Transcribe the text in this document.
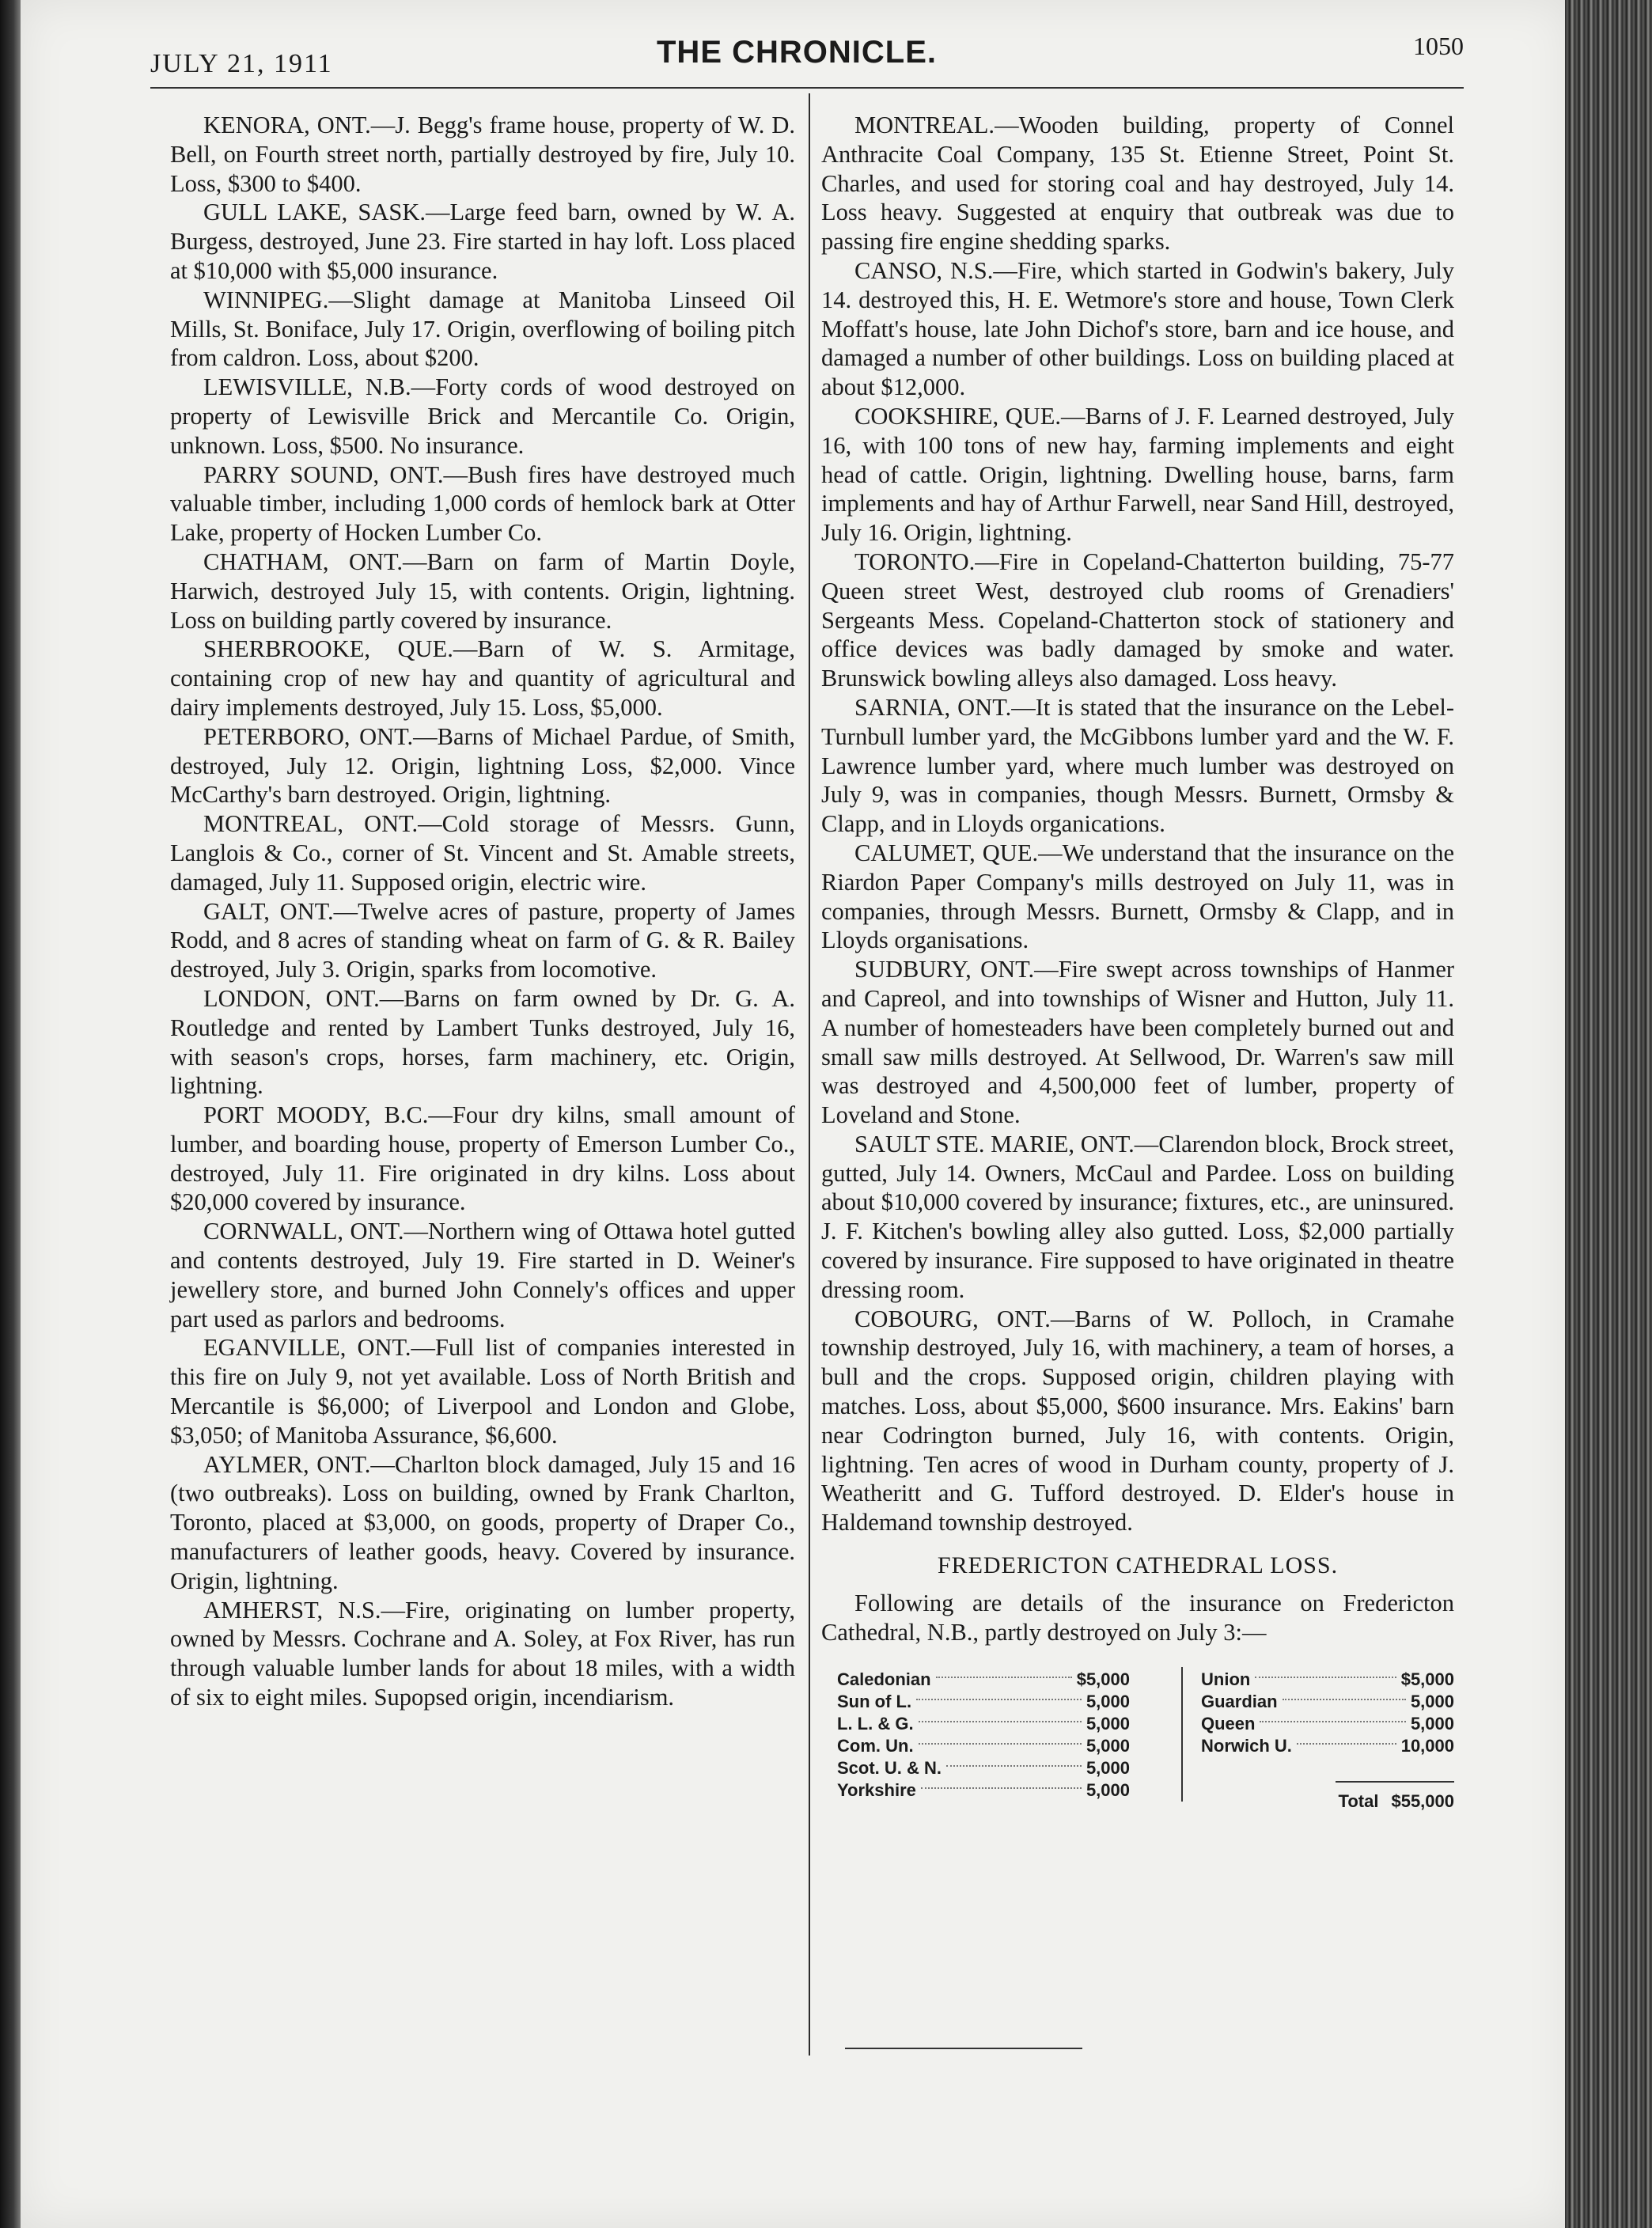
JULY 21, 1911	THE CHRONICLE.	1050

KENORA, ONT.—J. Begg's frame house, property of W. D. Bell, on Fourth street north, partially destroyed by fire, July 10. Loss, $300 to $400.

GULL LAKE, SASK.—Large feed barn, owned by W. A. Burgess, destroyed, June 23. Fire started in hay loft. Loss placed at $10,000 with $5,000 insurance.

WINNIPEG.—Slight damage at Manitoba Linseed Oil Mills, St. Boniface, July 17. Origin, overflowing of boiling pitch from caldron. Loss, about $200.

LEWISVILLE, N.B.—Forty cords of wood destroyed on property of Lewisville Brick and Mercantile Co. Origin, unknown. Loss, $500. No insurance.

PARRY SOUND, ONT.—Bush fires have destroyed much valuable timber, including 1,000 cords of hemlock bark at Otter Lake, property of Hocken Lumber Co.

CHATHAM, ONT.—Barn on farm of Martin Doyle, Harwich, destroyed July 15, with contents. Origin, lightning. Loss on building partly covered by insurance.

SHERBROOKE, QUE.—Barn of W. S. Armitage, containing crop of new hay and quantity of agricultural and dairy implements destroyed, July 15. Loss, $5,000.

PETERBORO, ONT.—Barns of Michael Pardue, of Smith, destroyed, July 12. Origin, lightning Loss, $2,000. Vince McCarthy's barn destroyed. Origin, lightning.

MONTREAL, ONT.—Cold storage of Messrs. Gunn, Langlois & Co., corner of St. Vincent and St. Amable streets, damaged, July 11. Supposed origin, electric wire.

GALT, ONT.—Twelve acres of pasture, property of James Rodd, and 8 acres of standing wheat on farm of G. & R. Bailey destroyed, July 3. Origin, sparks from locomotive.

LONDON, ONT.—Barns on farm owned by Dr. G. A. Routledge and rented by Lambert Tunks destroyed, July 16, with season's crops, horses, farm machinery, etc. Origin, lightning.

PORT MOODY, B.C.—Four dry kilns, small amount of lumber, and boarding house, property of Emerson Lumber Co., destroyed, July 11. Fire originated in dry kilns. Loss about $20,000 covered by insurance.

CORNWALL, ONT.—Northern wing of Ottawa hotel gutted and contents destroyed, July 19. Fire started in D. Weiner's jewellery store, and burned John Connely's offices and upper part used as parlors and bedrooms.

EGANVILLE, ONT.—Full list of companies interested in this fire on July 9, not yet available. Loss of North British and Mercantile is $6,000; of Liverpool and London and Globe, $3,050; of Manitoba Assurance, $6,600.

AYLMER, ONT.—Charlton block damaged, July 15 and 16 (two outbreaks). Loss on building, owned by Frank Charlton, Toronto, placed at $3,000, on goods, property of Draper Co., manufacturers of leather goods, heavy. Covered by insurance. Origin, lightning.

AMHERST, N.S.—Fire, originating on lumber property, owned by Messrs. Cochrane and A. Soley, at Fox River, has run through valuable lumber lands for about 18 miles, with a width of six to eight miles. Supopsed origin, incendiarism.

MONTREAL.—Wooden building, property of Connel Anthracite Coal Company, 135 St. Etienne Street, Point St. Charles, and used for storing coal and hay destroyed, July 14. Loss heavy. Suggested at enquiry that outbreak was due to passing fire engine shedding sparks.

CANSO, N.S.—Fire, which started in Godwin's bakery, July 14. destroyed this, H. E. Wetmore's store and house, Town Clerk Moffatt's house, late John Dichof's store, barn and ice house, and damaged a number of other buildings. Loss on building placed at about $12,000.

COOKSHIRE, QUE.—Barns of J. F. Learned destroyed, July 16, with 100 tons of new hay, farming implements and eight head of cattle. Origin, lightning. Dwelling house, barns, farm implements and hay of Arthur Farwell, near Sand Hill, destroyed, July 16. Origin, lightning.

TORONTO.—Fire in Copeland-Chatterton building, 75-77 Queen street West, destroyed club rooms of Grenadiers' Sergeants Mess. Copeland-Chatterton stock of stationery and office devices was badly damaged by smoke and water. Brunswick bowling alleys also damaged. Loss heavy.

SARNIA, ONT.—It is stated that the insurance on the Lebel-Turnbull lumber yard, the McGibbons lumber yard and the W. F. Lawrence lumber yard, where much lumber was destroyed on July 9, was in companies, though Messrs. Burnett, Ormsby & Clapp, and in Lloyds organications.

CALUMET, QUE.—We understand that the insurance on the Riardon Paper Company's mills destroyed on July 11, was in companies, through Messrs. Burnett, Ormsby & Clapp, and in Lloyds organisations.

SUDBURY, ONT.—Fire swept across townships of Hanmer and Capreol, and into townships of Wisner and Hutton, July 11. A number of homesteaders have been completely burned out and small saw mills destroyed. At Sellwood, Dr. Warren's saw mill was destroyed and 4,500,000 feet of lumber, property of Loveland and Stone.

SAULT STE. MARIE, ONT.—Clarendon block, Brock street, gutted, July 14. Owners, McCaul and Pardee. Loss on building about $10,000 covered by insurance; fixtures, etc., are uninsured. J. F. Kitchen's bowling alley also gutted. Loss, $2,000 partially covered by insurance. Fire supposed to have originated in theatre dressing room.

COBOURG, ONT.—Barns of W. Polloch, in Cramahe township destroyed, July 16, with machinery, a team of horses, a bull and the crops. Supposed origin, children playing with matches. Loss, about $5,000, $600 insurance. Mrs. Eakins' barn near Codrington burned, July 16, with contents. Origin, lightning. Ten acres of wood in Durham county, property of J. Weatheritt and G. Tufford destroyed. D. Elder's house in Haldemand township destroyed.

FREDERICTON CATHEDRAL LOSS.

Following are details of the insurance on Fredericton Cathedral, N.B., partly destroyed on July 3:—

Caledonian	$5,000
Sun of L.	5,000
L. L. & G.	5,000
Com. Un.	5,000
Scot. U. & N.	5,000
Yorkshire	5,000
Union	$5,000
Guardian	5,000
Queen	5,000
Norwich U.	10,000
Total $55,000
